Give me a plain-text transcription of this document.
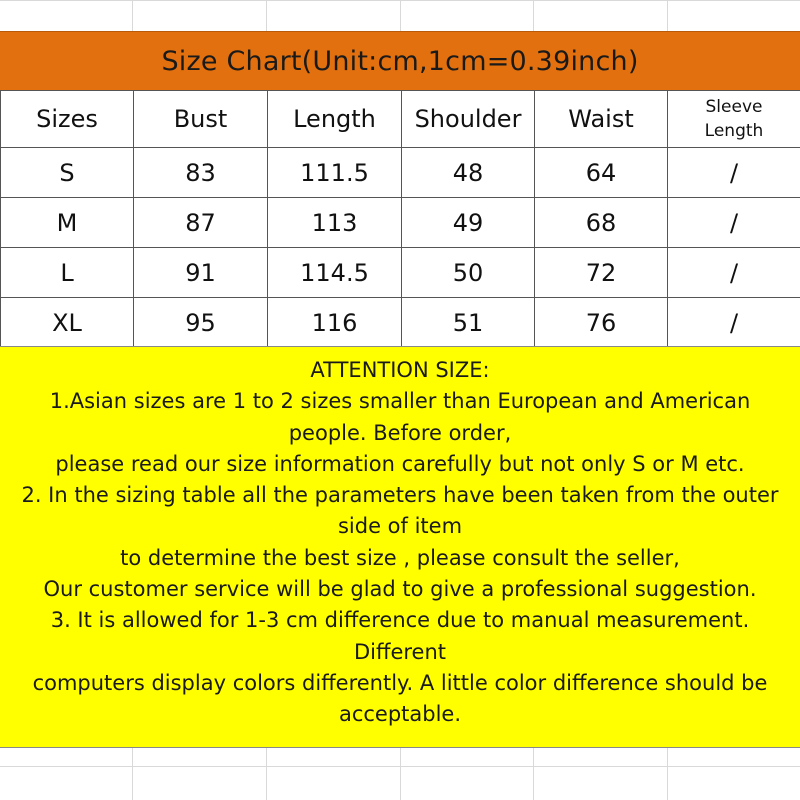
Size Chart(Unit:cm,1cm=0.39inch)
Sizes	Bust	Length	Shoulder	Waist	Sleeve
Length

S	83	111.5	48	64	/
M	87	113	49	68	/
L	91	114.5	50	72	/
XL	95	116	51	76	/
ATTENTION SIZE:
1.Asian sizes are 1 to 2 sizes smaller than European and American
people. Before order,
please read our size information carefully but not only S or M etc.
2. In the sizing table all the parameters have been taken from the outer
side of item
to determine the best size , please consult the seller,
Our customer service will be glad to give a professional suggestion.
3. It is allowed for 1-3 cm difference due to manual measurement.
Different
computers display colors differently. A little color difference should be
acceptable.
